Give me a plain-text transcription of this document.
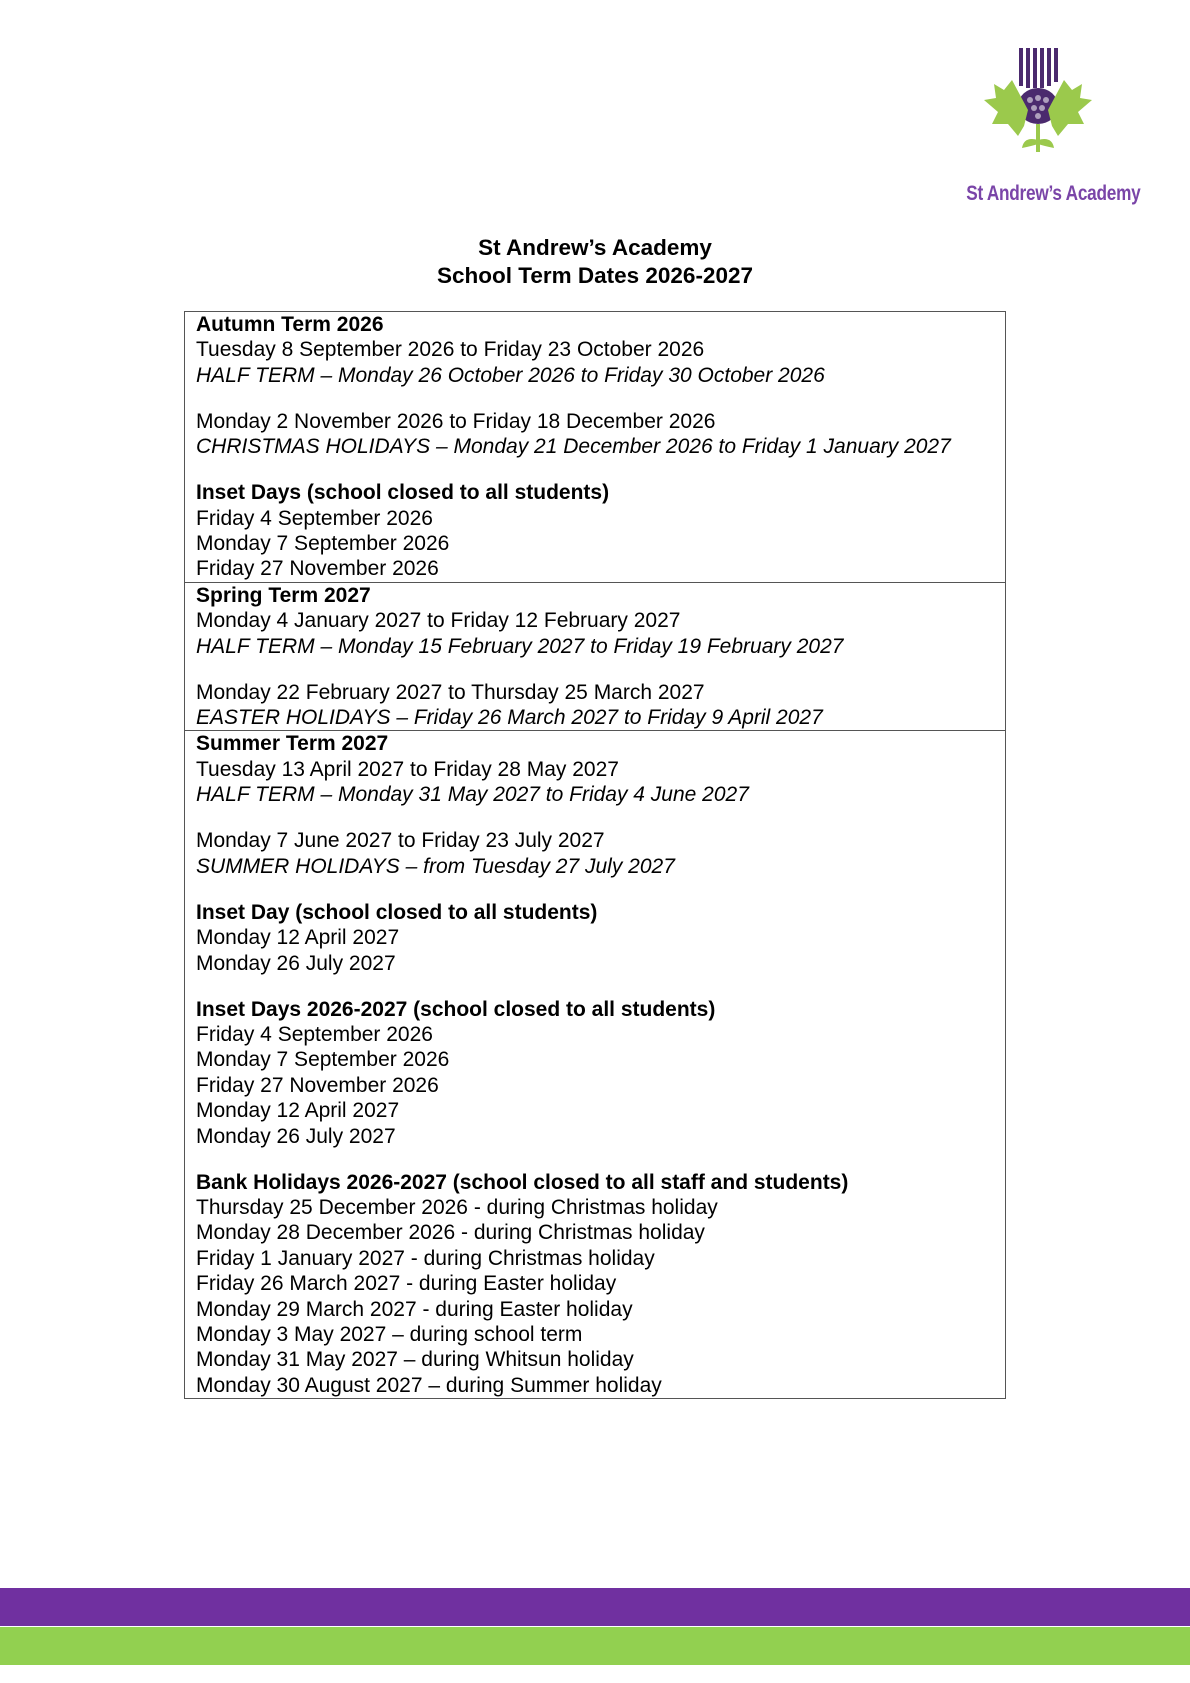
St Andrew’s Academy
St Andrew’s Academy
School Term Dates 2026-2027
Autumn Term 2026
Tuesday 8 September 2026 to Friday 23 October 2026
HALF TERM – Monday 26 October 2026 to Friday 30 October 2026
Monday 2 November 2026 to Friday 18 December 2026
CHRISTMAS HOLIDAYS – Monday 21 December 2026 to Friday 1 January 2027
Inset Days (school closed to all students)
Friday 4 September 2026
Monday 7 September 2026
Friday 27 November 2026
Spring Term 2027
Monday 4 January 2027 to Friday 12 February 2027
HALF TERM – Monday 15 February 2027 to Friday 19 February 2027
Monday 22 February 2027 to Thursday 25 March 2027
EASTER HOLIDAYS – Friday 26 March 2027 to Friday 9 April 2027
Summer Term 2027
Tuesday 13 April 2027 to Friday 28 May 2027
HALF TERM – Monday 31 May 2027 to Friday 4 June 2027
Monday 7 June 2027 to Friday 23 July 2027
SUMMER HOLIDAYS – from Tuesday 27 July 2027
Inset Day (school closed to all students)
Monday 12 April 2027
Monday 26 July 2027
Inset Days 2026-2027 (school closed to all students)
Friday 4 September 2026
Monday 7 September 2026
Friday 27 November 2026
Monday 12 April 2027
Monday 26 July 2027
Bank Holidays 2026-2027 (school closed to all staff and students)
Thursday 25 December 2026 - during Christmas holiday
Monday 28 December 2026 - during Christmas holiday
Friday 1 January 2027 - during Christmas holiday
Friday 26 March 2027 - during Easter holiday
Monday 29 March 2027 - during Easter holiday
Monday 3 May 2027 – during school term
Monday 31 May 2027 – during Whitsun holiday
Monday 30 August 2027 – during Summer holiday
